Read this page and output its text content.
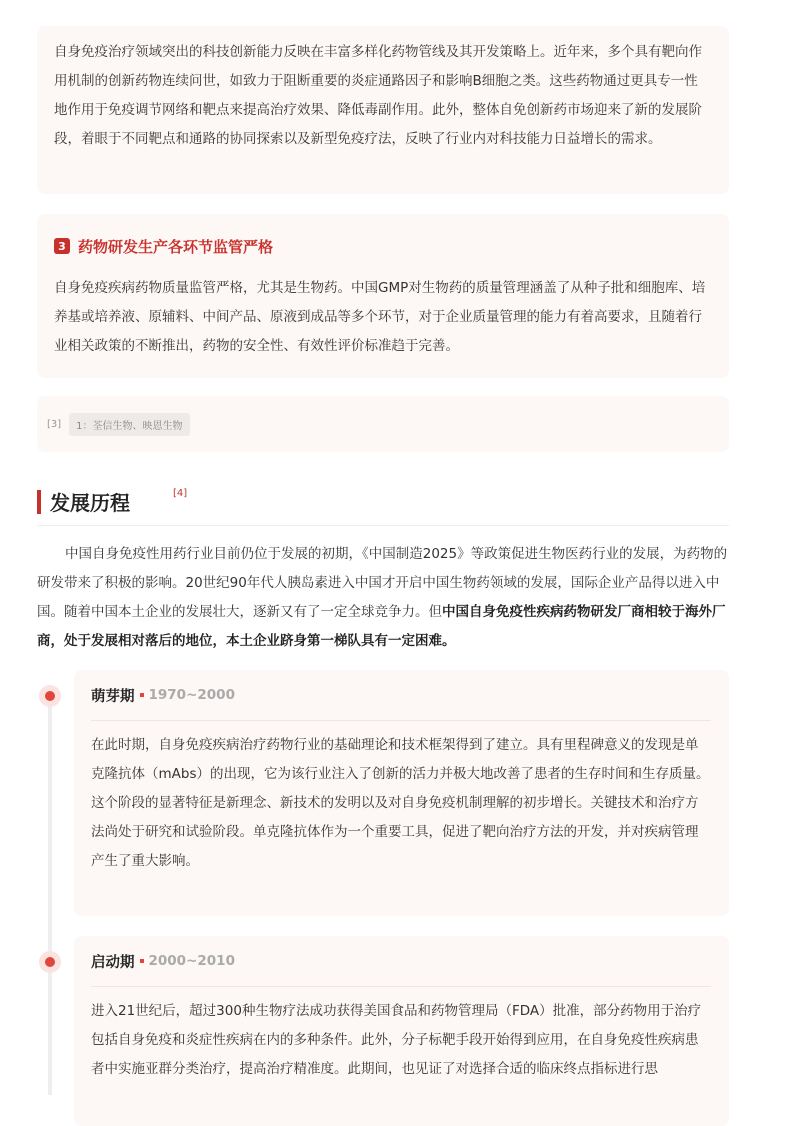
自身免疫治疗领域突出的科技创新能力反映在丰富多样化药物管线及其开发策略上。近年来，多个具有靶向作用机制的创新药物连续问世，如致力于阻断重要的炎症通路因子和影响B细胞之类。这些药物通过更具专一性地作用于免疫调节网络和靶点来提高治疗效果、降低毒副作用。此外，整体自免创新药市场迎来了新的发展阶段，着眼于不同靶点和通路的协同探索以及新型免疫疗法，反映了行业内对科技能力日益增长的需求。

3 药物研发生产各环节监管严格

自身免疫疾病药物质量监管严格，尤其是生物药。中国GMP对生物药的质量管理涵盖了从种子批和细胞库、培养基或培养液、原辅料、中间产品、原液到成品等多个环节，对于企业质量管理的能力有着高要求，且随着行业相关政策的不断推出，药物的安全性、有效性评价标准趋于完善。

[3]	1：荃信生物、映恩生物
发展历程	[4]

中国自身免疫性用药行业目前仍位于发展的初期，《中国制造2025》等政策促进生物医药行业的发展，为药物的研发带来了积极的影响。20世纪90年代人胰岛素进入中国才开启中国生物药领域的发展，国际企业产品得以进入中国。随着中国本土企业的发展壮大，逐新又有了一定全球竞争力。但中国自身免疫性疾病药物研发厂商相较于海外厂商，处于发展相对落后的地位，本土企业跻身第一梯队具有一定困难。

萌芽期 1970~2000

在此时期，自身免疫疾病治疗药物行业的基础理论和技术框架得到了建立。具有里程碑意义的发现是单克隆抗体（mAbs）的出现，它为该行业注入了创新的活力并极大地改善了患者的生存时间和生存质量。

这个阶段的显著特征是新理念、新技术的发明以及对自身免疫机制理解的初步增长。关键技术和治疗方法尚处于研究和试验阶段。单克隆抗体作为一个重要工具，促进了靶向治疗方法的开发，并对疾病管理产生了重大影响。

启动期 2000~2010

进入21世纪后，超过300种生物疗法成功获得美国食品和药物管理局（FDA）批准，部分药物用于治疗包括自身免疫和炎症性疾病在内的多种条件。此外，分子标靶手段开始得到应用，在自身免疫性疾病患者中实施亚群分类治疗，提高治疗精准度。此期间，也见证了对选择合适的临床终点指标进行思
